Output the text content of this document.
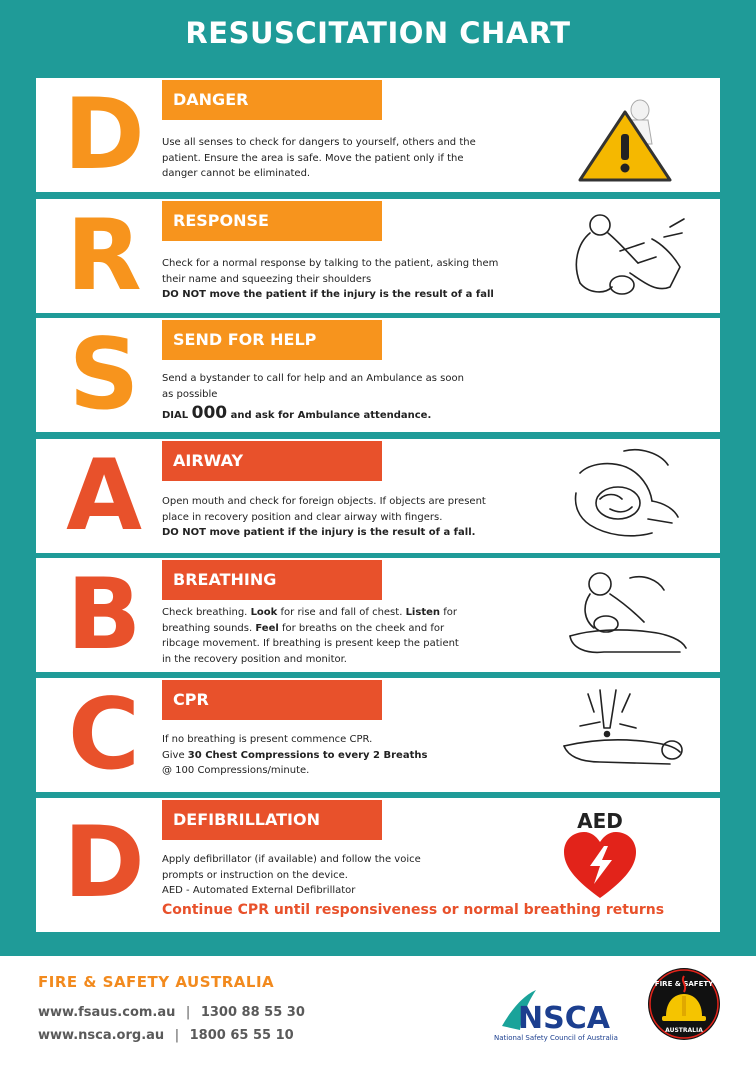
RESUSCITATION CHART
D	DANGER
Use all senses to check for dangers to yourself, others and the
patient. Ensure the area is safe. Move the patient only if the
danger cannot be eliminated.
R	RESPONSE
Check for a normal response by talking to the patient, asking them
their name and squeezing their shoulders
DO NOT move the patient if the injury is the result of a fall
S	SEND FOR HELP
Send a bystander to call for help and an Ambulance as soon
as possible
DIAL 000 and ask for Ambulance attendance.
A	AIRWAY
Open mouth and check for foreign objects. If objects are present
place in recovery position and clear airway with fingers.
DO NOT move patient if the injury is the result of a fall.
B	BREATHING
Check breathing. Look for rise and fall of chest. Listen for
breathing sounds. Feel for breaths on the cheek and for
ribcage movement. If breathing is present keep the patient
in the recovery position and monitor.
C	CPR
If no breathing is present commence CPR.
Give 30 Chest Compressions to every 2 Breaths
@ 100 Compressions/minute.
D	DEFIBRILLATION
Apply defibrillator (if available) and follow the voice
prompts or instruction on the device.
AED - Automated External Defibrillator
AED
Continue CPR until responsiveness or normal breathing returns
FIRE & SAFETY AUSTRALIA
www.fsaus.com.au | 1300 88 55 30
www.nsca.org.au | 1800 65 55 10	NSCA
National Safety Council of Australia
FIRE & SAFETY
AUSTRALIA
